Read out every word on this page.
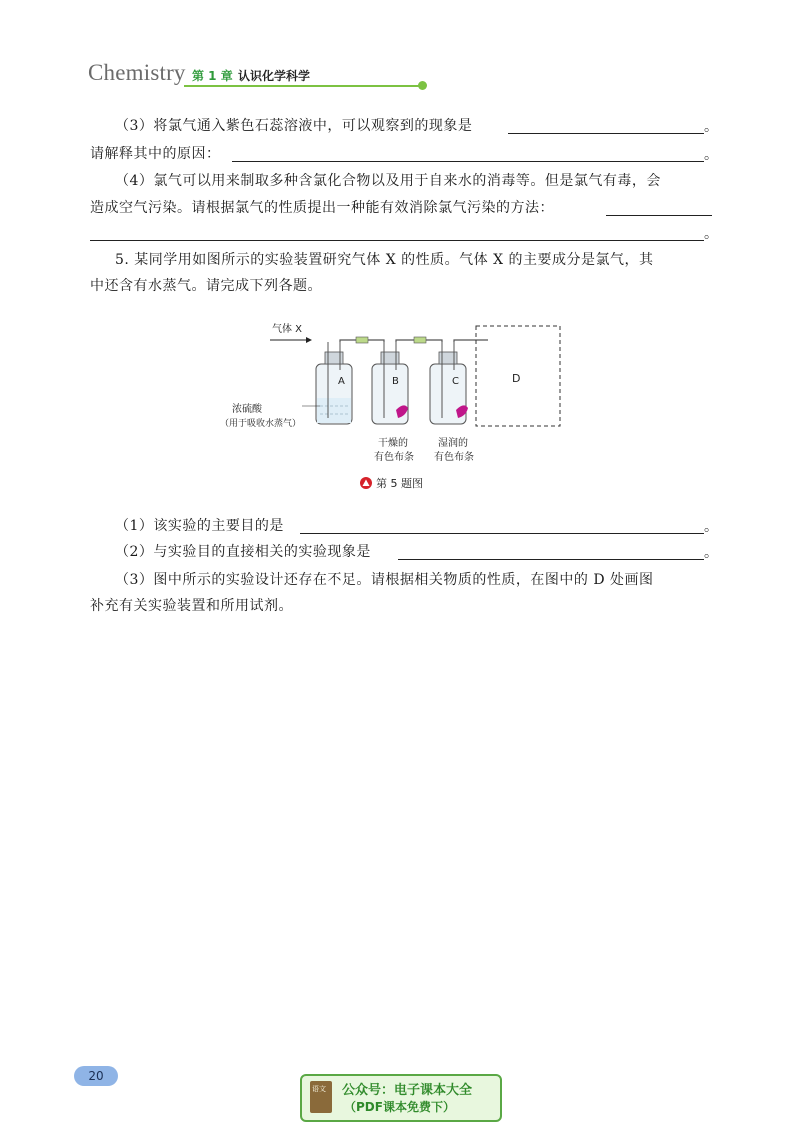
Chemistry 第 1 章 认识化学科学
（3）将氯气通入紫色石蕊溶液中，可以观察到的现象是	。
请解释其中的原因：	。
（4）氯气可以用来制取多种含氯化合物以及用于自来水的消毒等。但是氯气有毒，会
造成空气污染。请根据氯气的性质提出一种能有效消除氯气污染的方法：
。
5. 某同学用如图所示的实验装置研究气体 X 的性质。气体 X 的主要成分是氯气，其
中还含有水蒸气。请完成下列各题。
气体 X
A	B	C	D
浓硫酸
（用于吸收水蒸气）
干燥的
有色布条
湿润的
有色布条
第 5 题图
（1）该实验的主要目的是	。
（2）与实验目的直接相关的实验现象是	。
（3）图中所示的实验设计还存在不足。请根据相关物质的性质，在图中的 D 处画图
补充有关实验装置和所用试剂。
20
语文 公众号：电子课本大全
（PDF课本免费下）
